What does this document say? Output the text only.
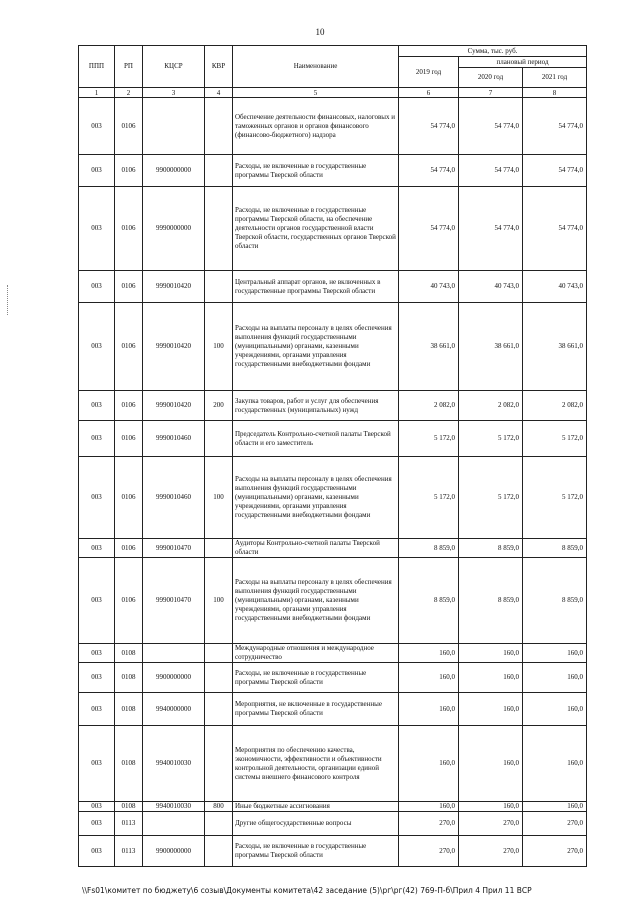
10
ППП	РП	КЦСР	КВР	Наименование	Сумма, тыс. руб.		
					2019 год	плановый период	
						2020 год	2021 год
1	2	3	4	5	6	7	8
003	0106			Обеспечение деятельности финансовых, налоговых и таможенных органов и органов финансового (финансово-бюджетного) надзора	54 774,0	54 774,0	54 774,0
003	0106	9900000000		Расходы, не включенные в государственные программы Тверской области	54 774,0	54 774,0	54 774,0
003	0106	9990000000		Расходы, не включенные в государственные программы Тверской области, на обеспечение деятельности органов государственной власти Тверской области, государственных органов Тверской области	54 774,0	54 774,0	54 774,0
003	0106	9990010420		Центральный аппарат органов, не включенных в государственные программы Тверской области	40 743,0	40 743,0	40 743,0
003	0106	9990010420	100	Расходы на выплаты персоналу в целях обеспечения выполнения функций государственными (муниципальными) органами, казенными учреждениями, органами управления государственными внебюджетными фондами	38 661,0	38 661,0	38 661,0
003	0106	9990010420	200	Закупка товаров, работ и услуг для обеспечения государственных (муниципальных) нужд	2 082,0	2 082,0	2 082,0
003	0106	9990010460		Председатель Контрольно-счетной палаты Тверской области и его заместитель	5 172,0	5 172,0	5 172,0
003	0106	9990010460	100	Расходы на выплаты персоналу в целях обеспечения выполнения функций государственными (муниципальными) органами, казенными учреждениями, органами управления государственными внебюджетными фондами	5 172,0	5 172,0	5 172,0
003	0106	9990010470		Аудиторы Контрольно-счетной палаты Тверской области	8 859,0	8 859,0	8 859,0
003	0106	9990010470	100	Расходы на выплаты персоналу в целях обеспечения выполнения функций государственными (муниципальными) органами, казенными учреждениями, органами управления государственными внебюджетными фондами	8 859,0	8 859,0	8 859,0
003	0108			Международные отношения и международное сотрудничество	160,0	160,0	160,0
003	0108	9900000000		Расходы, не включенные в государственные программы Тверской области	160,0	160,0	160,0
003	0108	9940000000		Мероприятия, не включенные в государственные программы Тверской области	160,0	160,0	160,0
003	0108	9940010030		Мероприятия по обеспечению качества, экономичности, эффективности и объективности контрольной деятельности, организации единой системы внешнего финансового контроля	160,0	160,0	160,0
003	0108	9940010030	800	Иные бюджетные ассигнования	160,0	160,0	160,0
003	0113			Другие общегосударственные вопросы	270,0	270,0	270,0
003	0113	9900000000		Расходы, не включенные в государственные программы Тверской области	270,0	270,0	270,0
\\Fs01\комитет по бюджету\6 созыв\Документы комитета\42 заседание (5)\рг\рг(42) 769-П-б\Прил 4 Прил 11 ВСР
